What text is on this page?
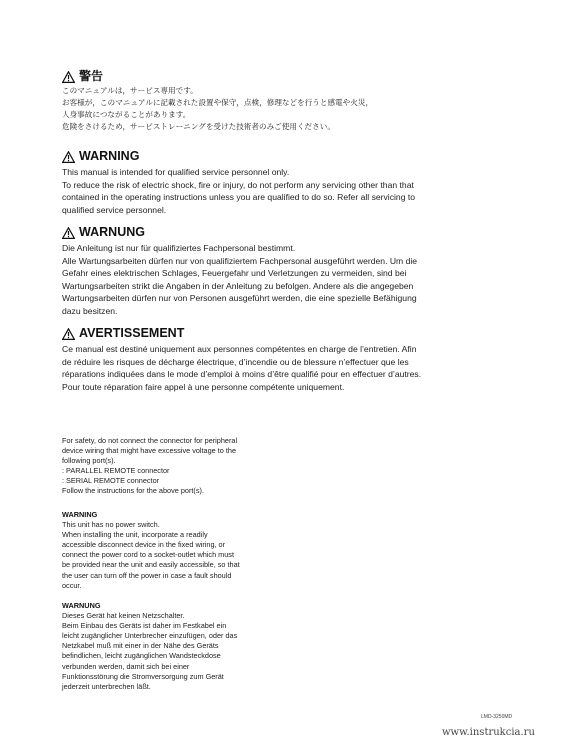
警告

このマニュアルは，サービス専用です。
お客様が，このマニュアルに記載された設置や保守，点検，修理などを行うと感電や火災，
人身事故につながることがあります。
危険をさけるため，サービストレーニングを受けた技術者のみご使用ください。

WARNING

This manual is intended for qualified service personnel only.
To reduce the risk of electric shock, fire or injury, do not perform any servicing other than that
contained in the operating instructions unless you are qualified to do so. Refer all servicing to
qualified service personnel.

WARNUNG

Die Anleitung ist nur für qualifiziertes Fachpersonal bestimmt.
Alle Wartungsarbeiten dürfen nur von qualifiziertem Fachpersonal ausgeführt werden. Um die
Gefahr eines elektrischen Schlages, Feuergefahr und Verletzungen zu vermeiden, sind bei
Wartungsarbeiten strikt die Angaben in der Anleitung zu befolgen. Andere als die angegeben
Wartungsarbeiten dürfen nur von Personen ausgeführt werden, die eine spezielle Befähigung
dazu besitzen.

AVERTISSEMENT

Ce manual est destiné uniquement aux personnes compétentes en charge de l’entretien. Afin
de réduire les risques de décharge électrique, d’incendie ou de blessure n’effectuer que les
réparations indiquées dans le mode d’emploi à moins d’être qualifié pour en effectuer d’autres.
Pour toute réparation faire appel à une personne compétente uniquement.

For safety, do not connect the connector for peripheral
device wiring that might have excessive voltage to the
following port(s).
: PARALLEL REMOTE connector
: SERIAL REMOTE connector
Follow the instructions for the above port(s).
WARNING
This unit has no power switch.
When installing the unit, incorporate a readily
accessible disconnect device in the fixed wiring, or
connect the power cord to a socket-outlet which must
be provided near the unit and easily accessible, so that
the user can turn off the power in case a fault should
occur.
WARNUNG
Dieses Gerät hat keinen Netzschalter.
Beim Einbau des Geräts ist daher im Festkabel ein
leicht zugänglicher Unterbrecher einzufügen, oder das
Netzkabel muß mit einer in der Nähe des Geräts
befindlichen, leicht zugänglichen Wandsteckdose
verbunden werden, damit sich bei einer
Funktionsstörung die Stromversorgung zum Gerät
jederzeit unterbrechen läßt.
LMD-3250MD
www.instrukcia.ru
